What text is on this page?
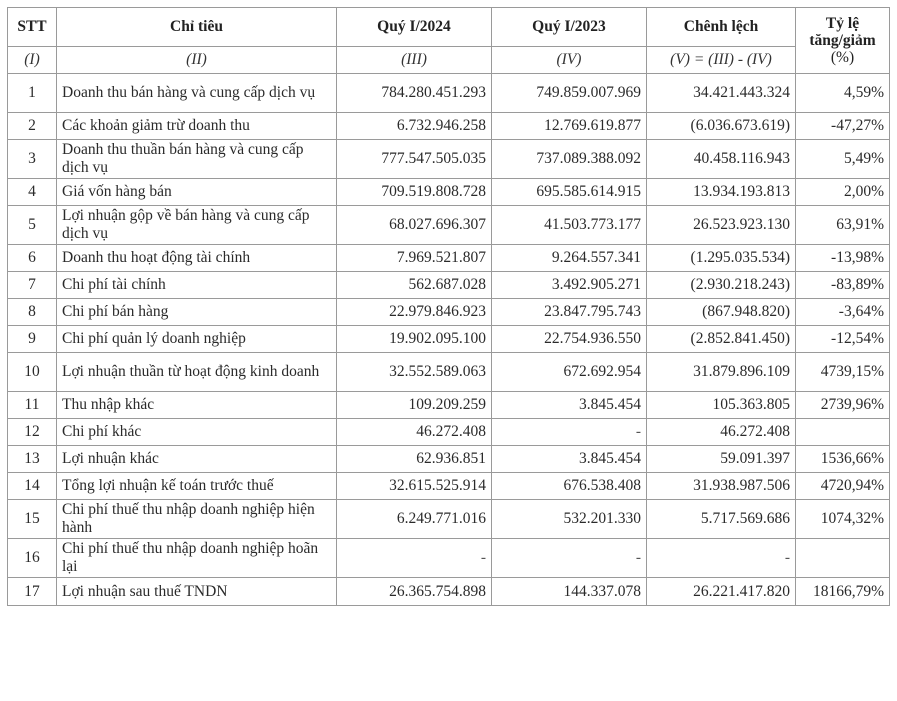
STT	Chỉ tiêu	Quý I/2024	Quý I/2023	Chênh lệch	Tỷ lệ
tăng/giảm
(%)
(I)	(II)	(III)	(IV)	(V) = (III) - (IV)	
1	Doanh thu bán hàng và cung cấp dịch vụ	784.280.451.293	749.859.007.969	34.421.443.324	4,59%
2	Các khoản giảm trừ doanh thu	6.732.946.258	12.769.619.877	(6.036.673.619)	-47,27%
3	Doanh thu thuần bán hàng và cung cấp dịch vụ	777.547.505.035	737.089.388.092	40.458.116.943	5,49%
4	Giá vốn hàng bán	709.519.808.728	695.585.614.915	13.934.193.813	2,00%
5	Lợi nhuận gộp về bán hàng và cung cấp dịch vụ	68.027.696.307	41.503.773.177	26.523.923.130	63,91%
6	Doanh thu hoạt động tài chính	7.969.521.807	9.264.557.341	(1.295.035.534)	-13,98%
7	Chi phí tài chính	562.687.028	3.492.905.271	(2.930.218.243)	-83,89%
8	Chi phí bán hàng	22.979.846.923	23.847.795.743	(867.948.820)	-3,64%
9	Chi phí quản lý doanh nghiệp	19.902.095.100	22.754.936.550	(2.852.841.450)	-12,54%
10	Lợi nhuận thuần từ hoạt động kinh doanh	32.552.589.063	672.692.954	31.879.896.109	4739,15%
11	Thu nhập khác	109.209.259	3.845.454	105.363.805	2739,96%
12	Chi phí khác	46.272.408	-	46.272.408	
13	Lợi nhuận khác	62.936.851	3.845.454	59.091.397	1536,66%
14	Tổng lợi nhuận kế toán trước thuế	32.615.525.914	676.538.408	31.938.987.506	4720,94%
15	Chi phí thuế thu nhập doanh nghiệp hiện hành	6.249.771.016	532.201.330	5.717.569.686	1074,32%
16	Chi phí thuế thu nhập doanh nghiệp hoãn lại	-	-	-	
17	Lợi nhuận sau thuế TNDN	26.365.754.898	144.337.078	26.221.417.820	18166,79%
